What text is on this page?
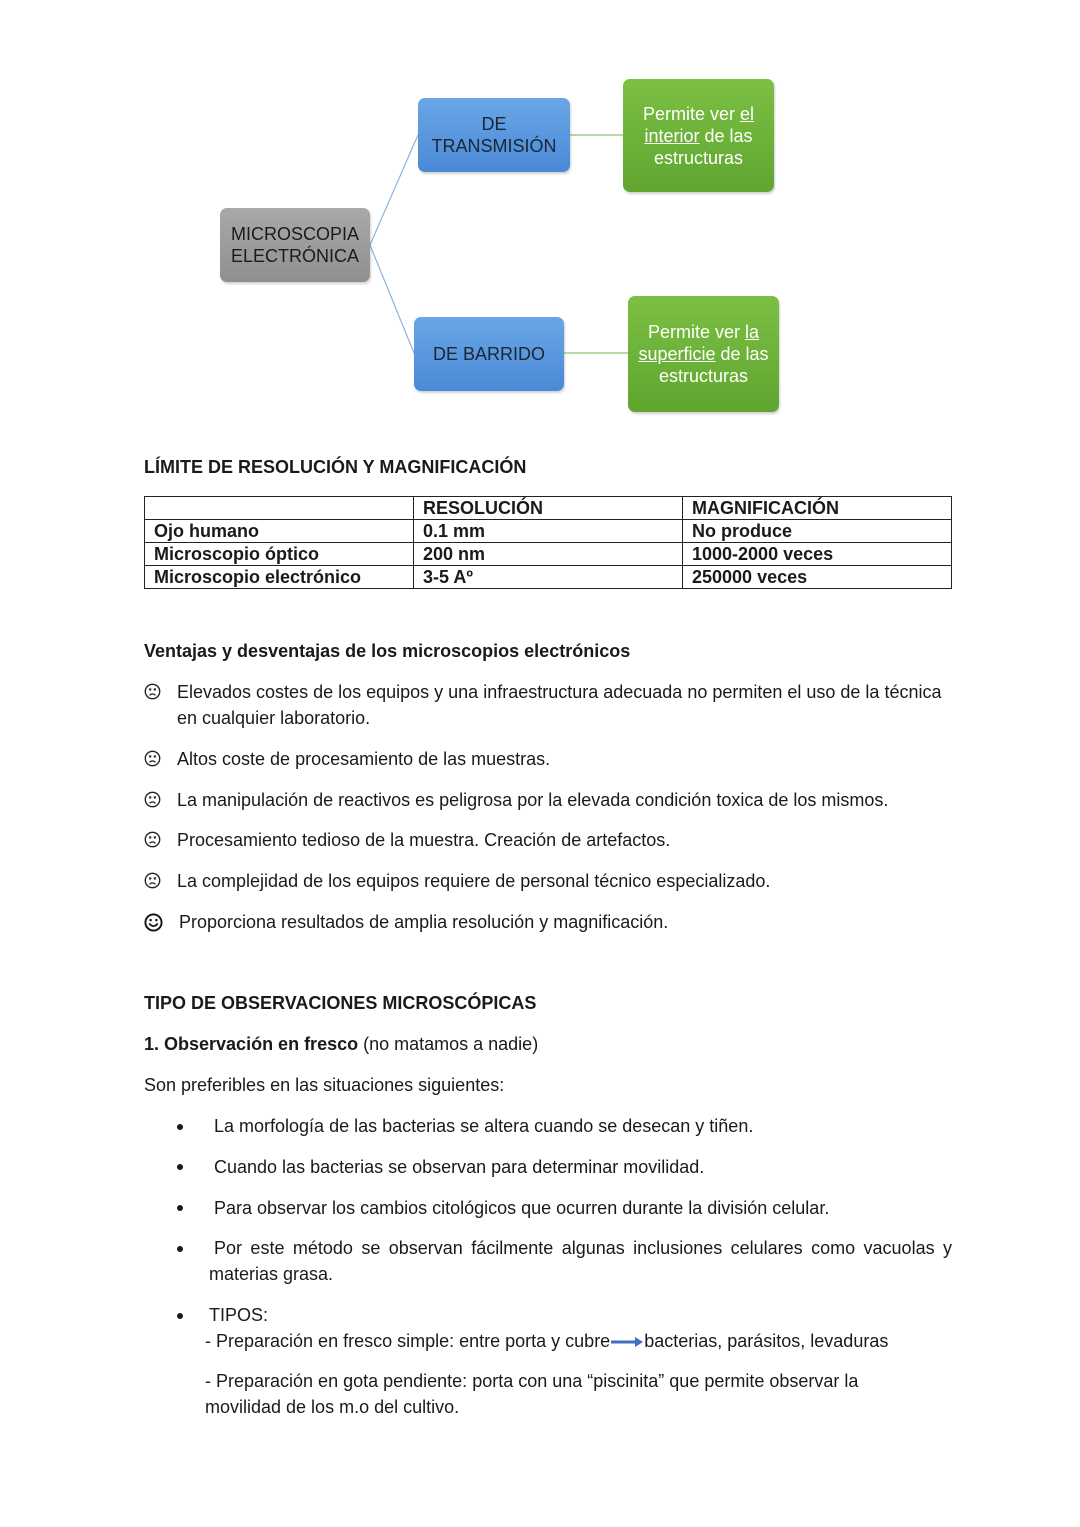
MICROSCOPIA
ELECTRÓNICA
DE TRANSMISIÓN
DE BARRIDO
Permite ver el
interior de las
estructuras
Permite ver la
superficie de las
estructuras
LÍMITE DE RESOLUCIÓN Y MAGNIFICACIÓN
	RESOLUCIÓN	MAGNIFICACIÓN
Ojo humano	0.1 mm	No produce
Microscopio óptico	200 nm	1000-2000 veces
Microscopio electrónico	3-5 Aº	250000 veces
Ventajas y desventajas de los microscopios electrónicos
Elevados costes de los equipos y una infraestructura adecuada no permiten el uso de la técnica
en cualquier laboratorio.
Altos coste de procesamiento de las muestras.
La manipulación de reactivos es peligrosa por la elevada condición toxica de los mismos.
Procesamiento tedioso de la muestra. Creación de artefactos.
La complejidad de los equipos requiere de personal técnico especializado.
Proporciona resultados de amplia resolución y magnificación.
TIPO DE OBSERVACIONES MICROSCÓPICAS
1. Observación en fresco (no matamos a nadie)
Son preferibles en las situaciones siguientes:
La morfología de las bacterias se altera cuando se desecan y tiñen.
Cuando las bacterias se observan para determinar movilidad.
Para observar los cambios citológicos que ocurren durante la división celular.
Por este método se observan fácilmente algunas inclusiones celulares como vacuolas y
materias grasa.
TIPOS:
- Preparación en fresco simple: entre porta y cubre bacterias, parásitos, levaduras
- Preparación en gota pendiente: porta con una “piscinita” que permite observar la
movilidad de los m.o del cultivo.
